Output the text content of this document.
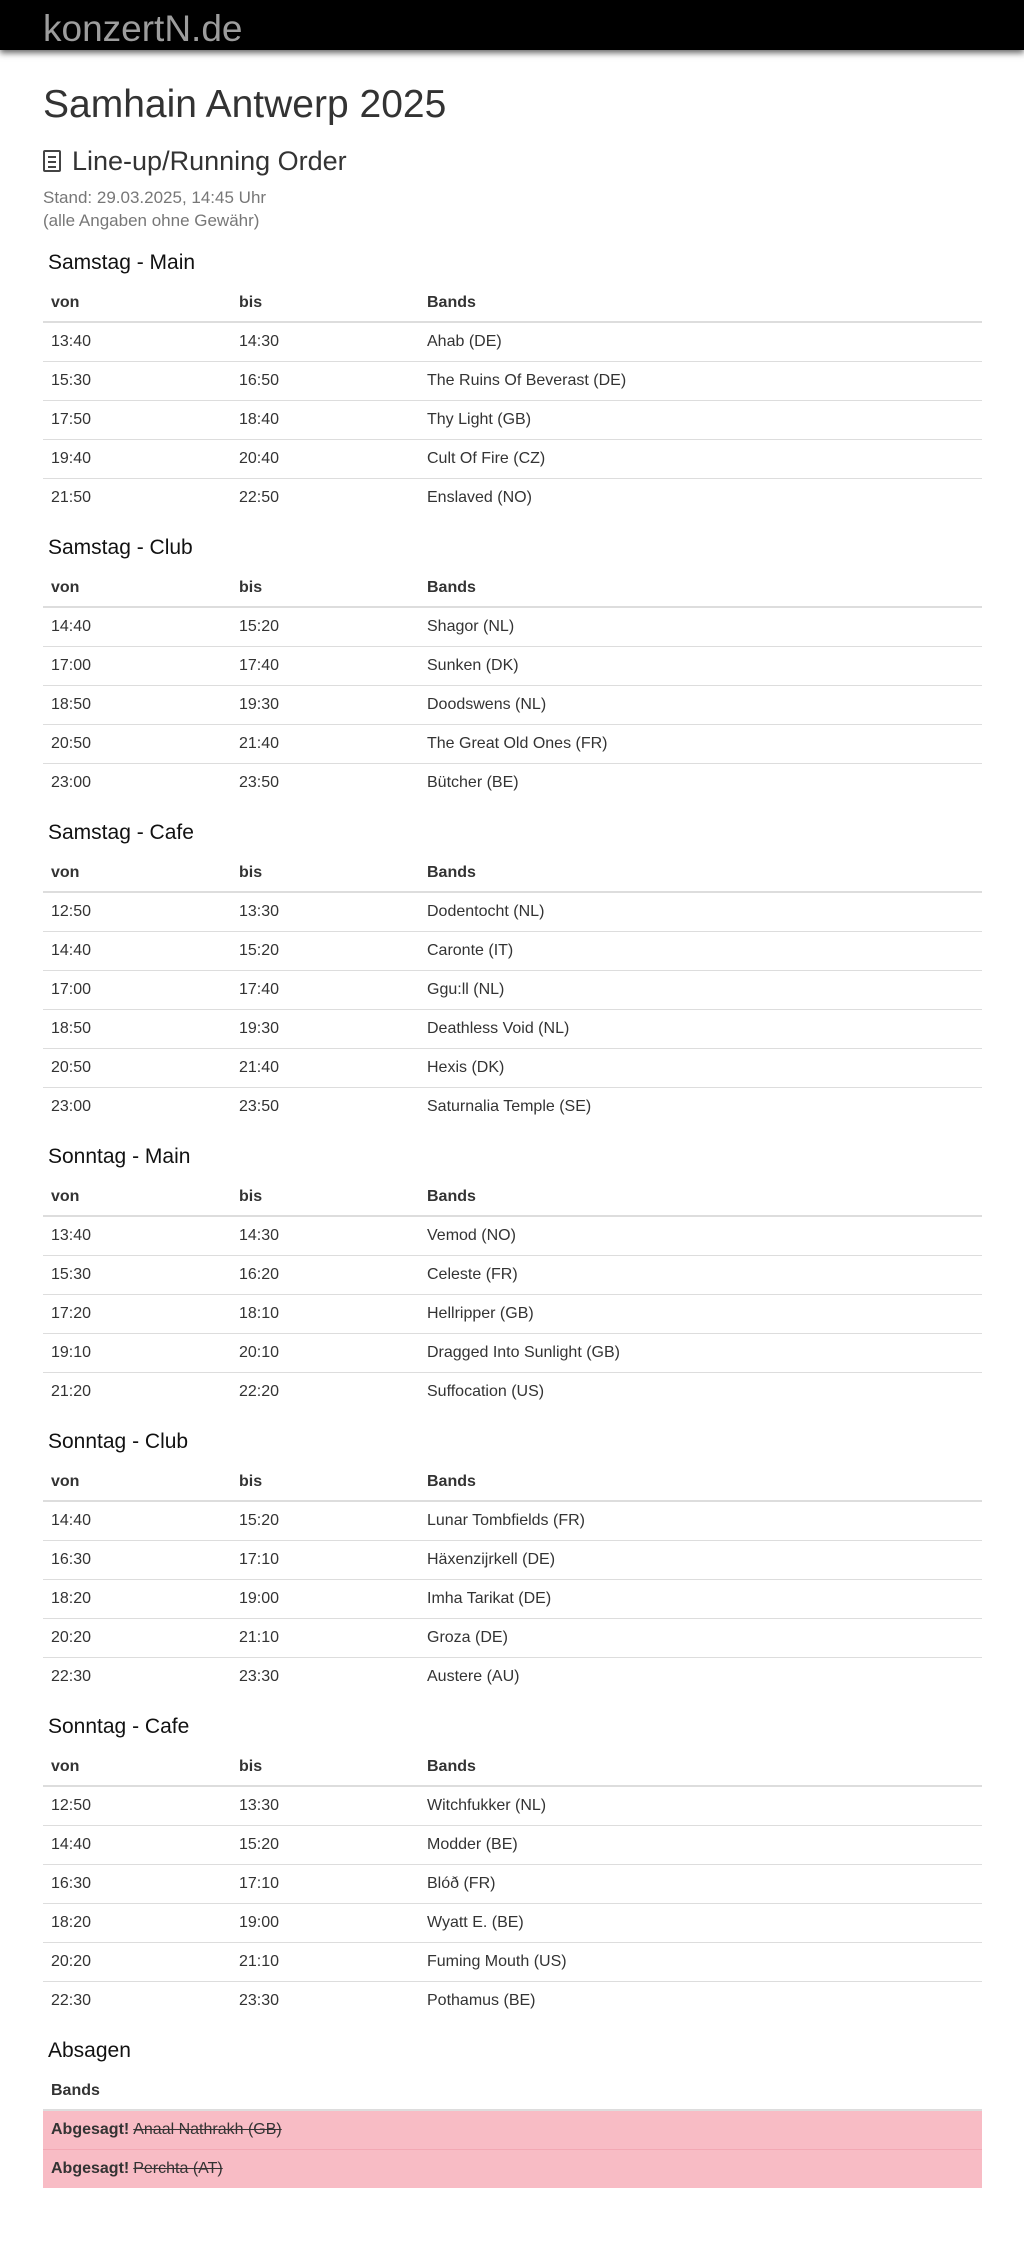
konzertN.de
Samhain Antwerp 2025
Line-up/Running Order
Stand: 29.03.2025, 14:45 Uhr
(alle Angaben ohne Gewähr)
Samstag - Main
von	bis	Bands
13:40	14:30	Ahab (DE)
15:30	16:50	The Ruins Of Beverast (DE)
17:50	18:40	Thy Light (GB)
19:40	20:40	Cult Of Fire (CZ)
21:50	22:50	Enslaved (NO)
Samstag - Club
von	bis	Bands
14:40	15:20	Shagor (NL)
17:00	17:40	Sunken (DK)
18:50	19:30	Doodswens (NL)
20:50	21:40	The Great Old Ones (FR)
23:00	23:50	Bütcher (BE)
Samstag - Cafe
von	bis	Bands
12:50	13:30	Dodentocht (NL)
14:40	15:20	Caronte (IT)
17:00	17:40	Ggu:ll (NL)
18:50	19:30	Deathless Void (NL)
20:50	21:40	Hexis (DK)
23:00	23:50	Saturnalia Temple (SE)
Sonntag - Main
von	bis	Bands
13:40	14:30	Vemod (NO)
15:30	16:20	Celeste (FR)
17:20	18:10	Hellripper (GB)
19:10	20:10	Dragged Into Sunlight (GB)
21:20	22:20	Suffocation (US)
Sonntag - Club
von	bis	Bands
14:40	15:20	Lunar Tombfields (FR)
16:30	17:10	Häxenzijrkell (DE)
18:20	19:00	Imha Tarikat (DE)
20:20	21:10	Groza (DE)
22:30	23:30	Austere (AU)
Sonntag - Cafe
von	bis	Bands
12:50	13:30	Witchfukker (NL)
14:40	15:20	Modder (BE)
16:30	17:10	Blóð (FR)
18:20	19:00	Wyatt E. (BE)
20:20	21:10	Fuming Mouth (US)
22:30	23:30	Pothamus (BE)
Absagen
Bands
Abgesagt! Anaal Nathrakh (GB)
Abgesagt! Perchta (AT)
